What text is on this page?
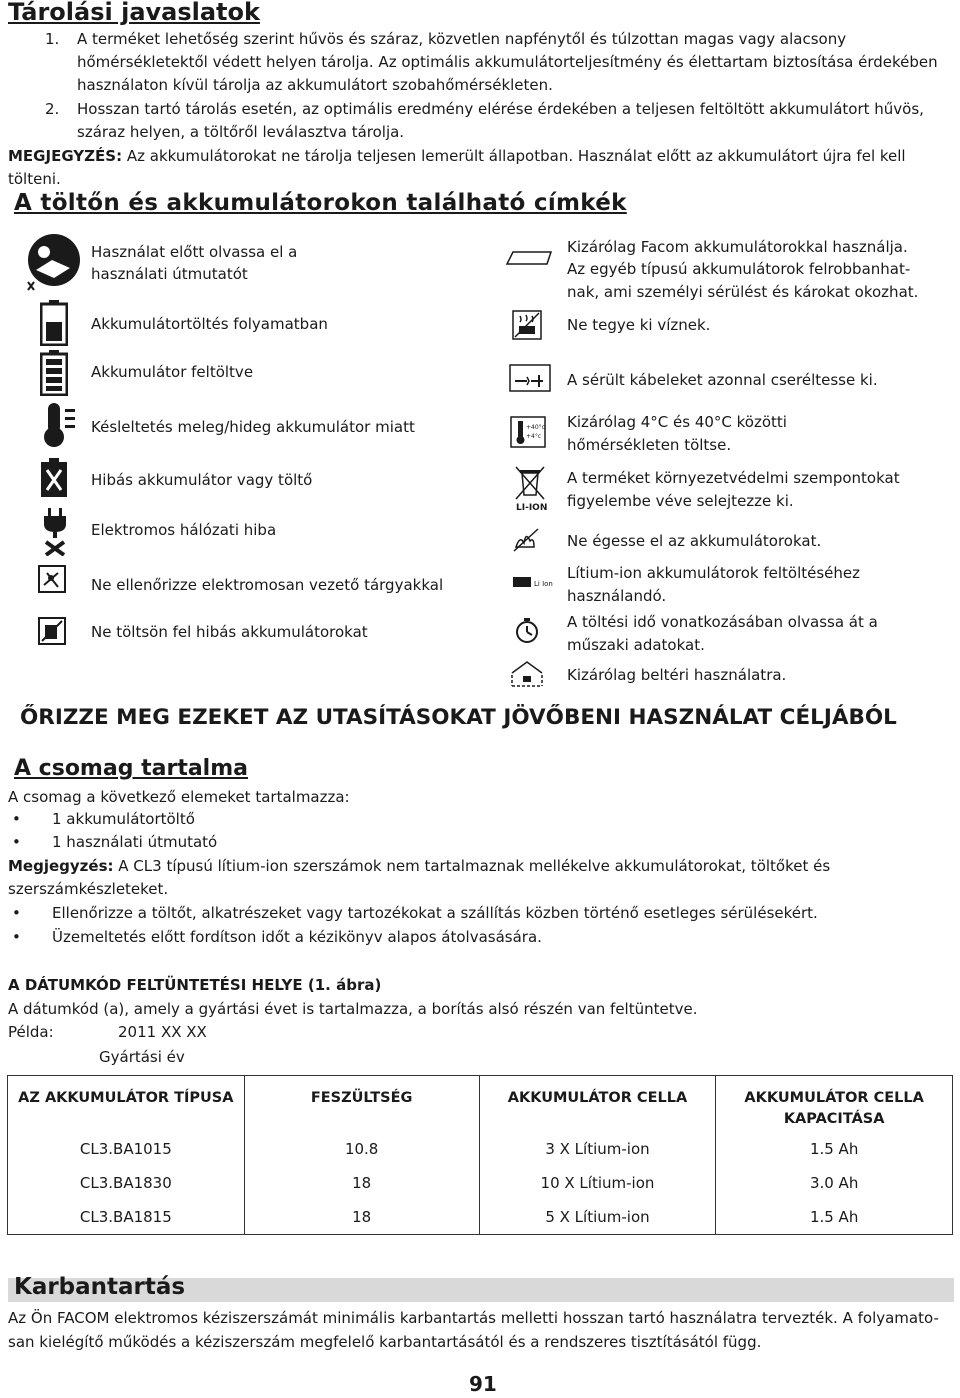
Tárolási javaslatok
1. A terméket lehetőség szerint hűvös és száraz, közvetlen napfénytől és túlzottan magas vagy alacsony
hőmérsékletektől védett helyen tárolja. Az optimális akkumulátorteljesítmény és élettartam biztosítása érdekében
használaton kívül tárolja az akkumulátort szobahőmérsékleten.
2. Hosszan tartó tárolás esetén, az optimális eredmény elérése érdekében a teljesen feltöltött akkumulátort hűvös,
száraz helyen, a töltőről leválasztva tárolja.
MEGJEGYZÉS: Az akkumulátorokat ne tárolja teljesen lemerült állapotban. Használat előtt az akkumulátort újra fel kell
tölteni.
A töltőn és akkumulátorokon található címkék
Használat előtt olvassa el a
használati útmutatót
Akkumulátortöltés folyamatban
Akkumulátor feltöltve
Késleltetés meleg/hideg akkumulátor miatt
Hibás akkumulátor vagy töltő
Elektromos hálózati hiba
Ne ellenőrizze elektromosan vezető tárgyakkal
Ne töltsön fel hibás akkumulátorokat
+40°c
+4°c
LI-ION
Li Ion
Kizárólag Facom akkumulátorokkal használja.
Az egyéb típusú akkumulátorok felrobbanhat-
nak, ami személyi sérülést és károkat okozhat.
Ne tegye ki víznek.
A sérült kábeleket azonnal cseréltesse ki.
Kizárólag 4°C és 40°C közötti
hőmérsékleten töltse.
A terméket környezetvédelmi szempontokat
figyelembe véve selejtezze ki.
Ne égesse el az akkumulátorokat.
Lítium-ion akkumulátorok feltöltéséhez
használandó.
A töltési idő vonatkozásában olvassa át a
műszaki adatokat.
Kizárólag beltéri használatra.
ŐRIZZE MEG EZEKET AZ UTASÍTÁSOKAT JÖVŐBENI HASZNÁLAT CÉLJÁBÓL
A csomag tartalma
A csomag a következő elemeket tartalmazza:
• 1 akkumulátortöltő
• 1 használati útmutató
Megjegyzés: A CL3 típusú lítium-ion szerszámok nem tartalmaznak mellékelve akkumulátorokat, töltőket és
szerszámkészleteket.
• Ellenőrizze a töltőt, alkatrészeket vagy tartozékokat a szállítás közben történő esetleges sérülésekért.
• Üzemeltetés előtt fordítson időt a kézikönyv alapos átolvasására.
A DÁTUMKÓD FELTÜNTETÉSI HELYE (1. ábra)
A dátumkód (a), amely a gyártási évet is tartalmazza, a borítás alsó részén van feltüntetve.
Példa:	2011 XX XX
Gyártási év
AZ AKKUMULÁTOR TÍPUSA	FESZÜLTSÉG	AKKUMULÁTOR CELLA	AKKUMULÁTOR CELLA KAPACITÁSA
CL3.BA1015	10.8	3 X Lítium-ion	1.5 Ah
CL3.BA1830	18	10 X Lítium-ion	3.0 Ah
CL3.BA1815	18	5 X Lítium-ion	1.5 Ah
Karbantartás
Az Ön FACOM elektromos kéziszerszámát minimális karbantartás melletti hosszan tartó használatra tervezték. A folyamato-
san kielégítő működés a kéziszerszám megfelelő karbantartásától és a rendszeres tisztításától függ.
91
